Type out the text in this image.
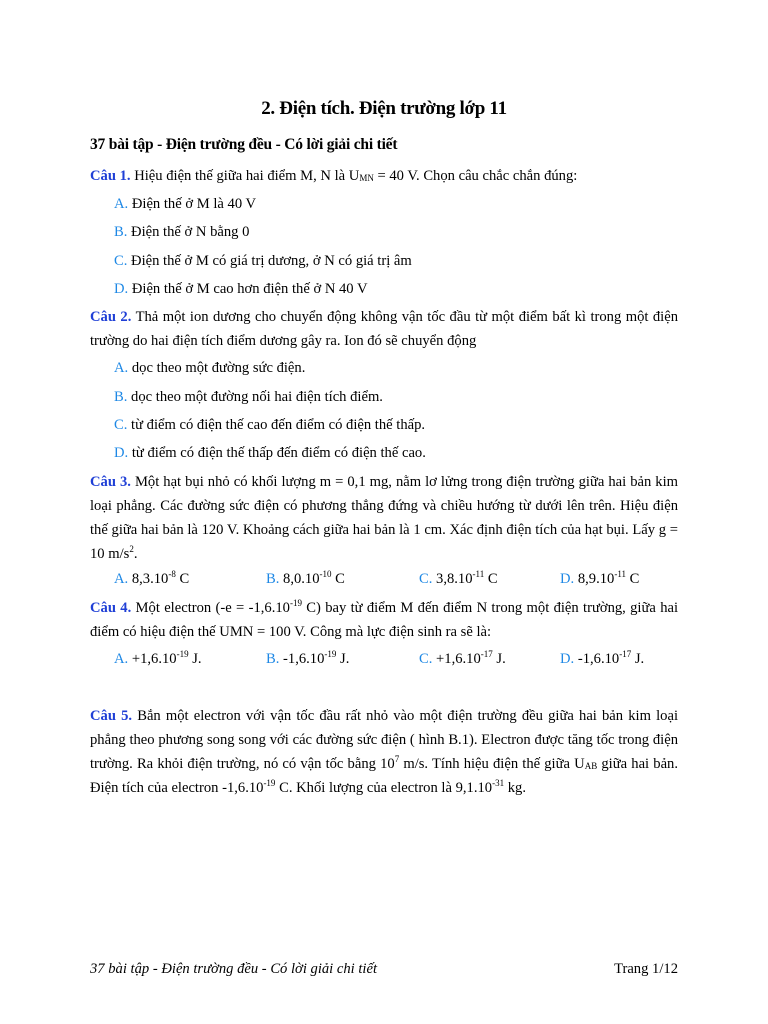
2. Điện tích. Điện trường lớp 11
37 bài tập - Điện trường đều - Có lời giải chi tiết
Câu 1. Hiệu điện thế giữa hai điểm M, N là $U_{MN} = 40$ V. Chọn câu chắc chắn đúng:
A. Điện thế ở M là 40 V
B. Điện thế ở N bằng 0
C. Điện thế ở M có giá trị dương, ở N có giá trị âm
D. Điện thế ở M cao hơn điện thế ở N 40 V
Câu 2. Thả một ion dương cho chuyển động không vận tốc đầu từ một điểm bất kì trong một điện trường do hai điện tích điểm dương gây ra. Ion đó sẽ chuyển động
A. dọc theo một đường sức điện.
B. dọc theo một đường nối hai điện tích điểm.
C. từ điểm có điện thế cao đến điểm có điện thế thấp.
D. từ điểm có điện thế thấp đến điểm có điện thế cao.
Câu 3. Một hạt bụi nhỏ có khối lượng m = 0,1 mg, nằm lơ lửng trong điện trường giữa hai bản kim loại phẳng. Các đường sức điện có phương thẳng đứng và chiều hướng từ dưới lên trên. Hiệu điện thế giữa hai bản là 120 V. Khoảng cách giữa hai bản là 1 cm. Xác định điện tích của hạt bụi. Lấy g = 10 $m/s^2$.
A. $8,3.10^{-8}$ C	B. $8,0.10^{-10}$ C	C. $3,8.10^{-11}$ C	D. $8,9.10^{-11}$ C
Câu 4. Một electron ($-e = -1,6.10^{-19}$ C) bay từ điểm M đến điểm N trong một điện trường, giữa hai điểm có hiệu điện thế UMN = 100 V. Công mà lực điện sinh ra sẽ là:
A. $+1,6.10^{-19}$ J.	B. $-1,6.10^{-19}$ J.	C. $+1,6.10^{-17}$ J.	D. $-1,6.10^{-17}$ J.
Câu 5. Bắn một electron với vận tốc đầu rất nhỏ vào một điện trường đều giữa hai bản kim loại phẳng theo phương song song với các đường sức điện ( hình B.1). Electron được tăng tốc trong điện trường. Ra khỏi điện trường, nó có vận tốc bằng $10^7$ m/s. Tính hiệu điện thế giữa $U_{AB}$ giữa hai bản. Điện tích của electron $-1,6.10^{-19}$ C. Khối lượng của electron là $9,1.10^{-31}$ kg.
37 bài tập - Điện trường đều - Có lời giải chi tiết	Trang 1/12
